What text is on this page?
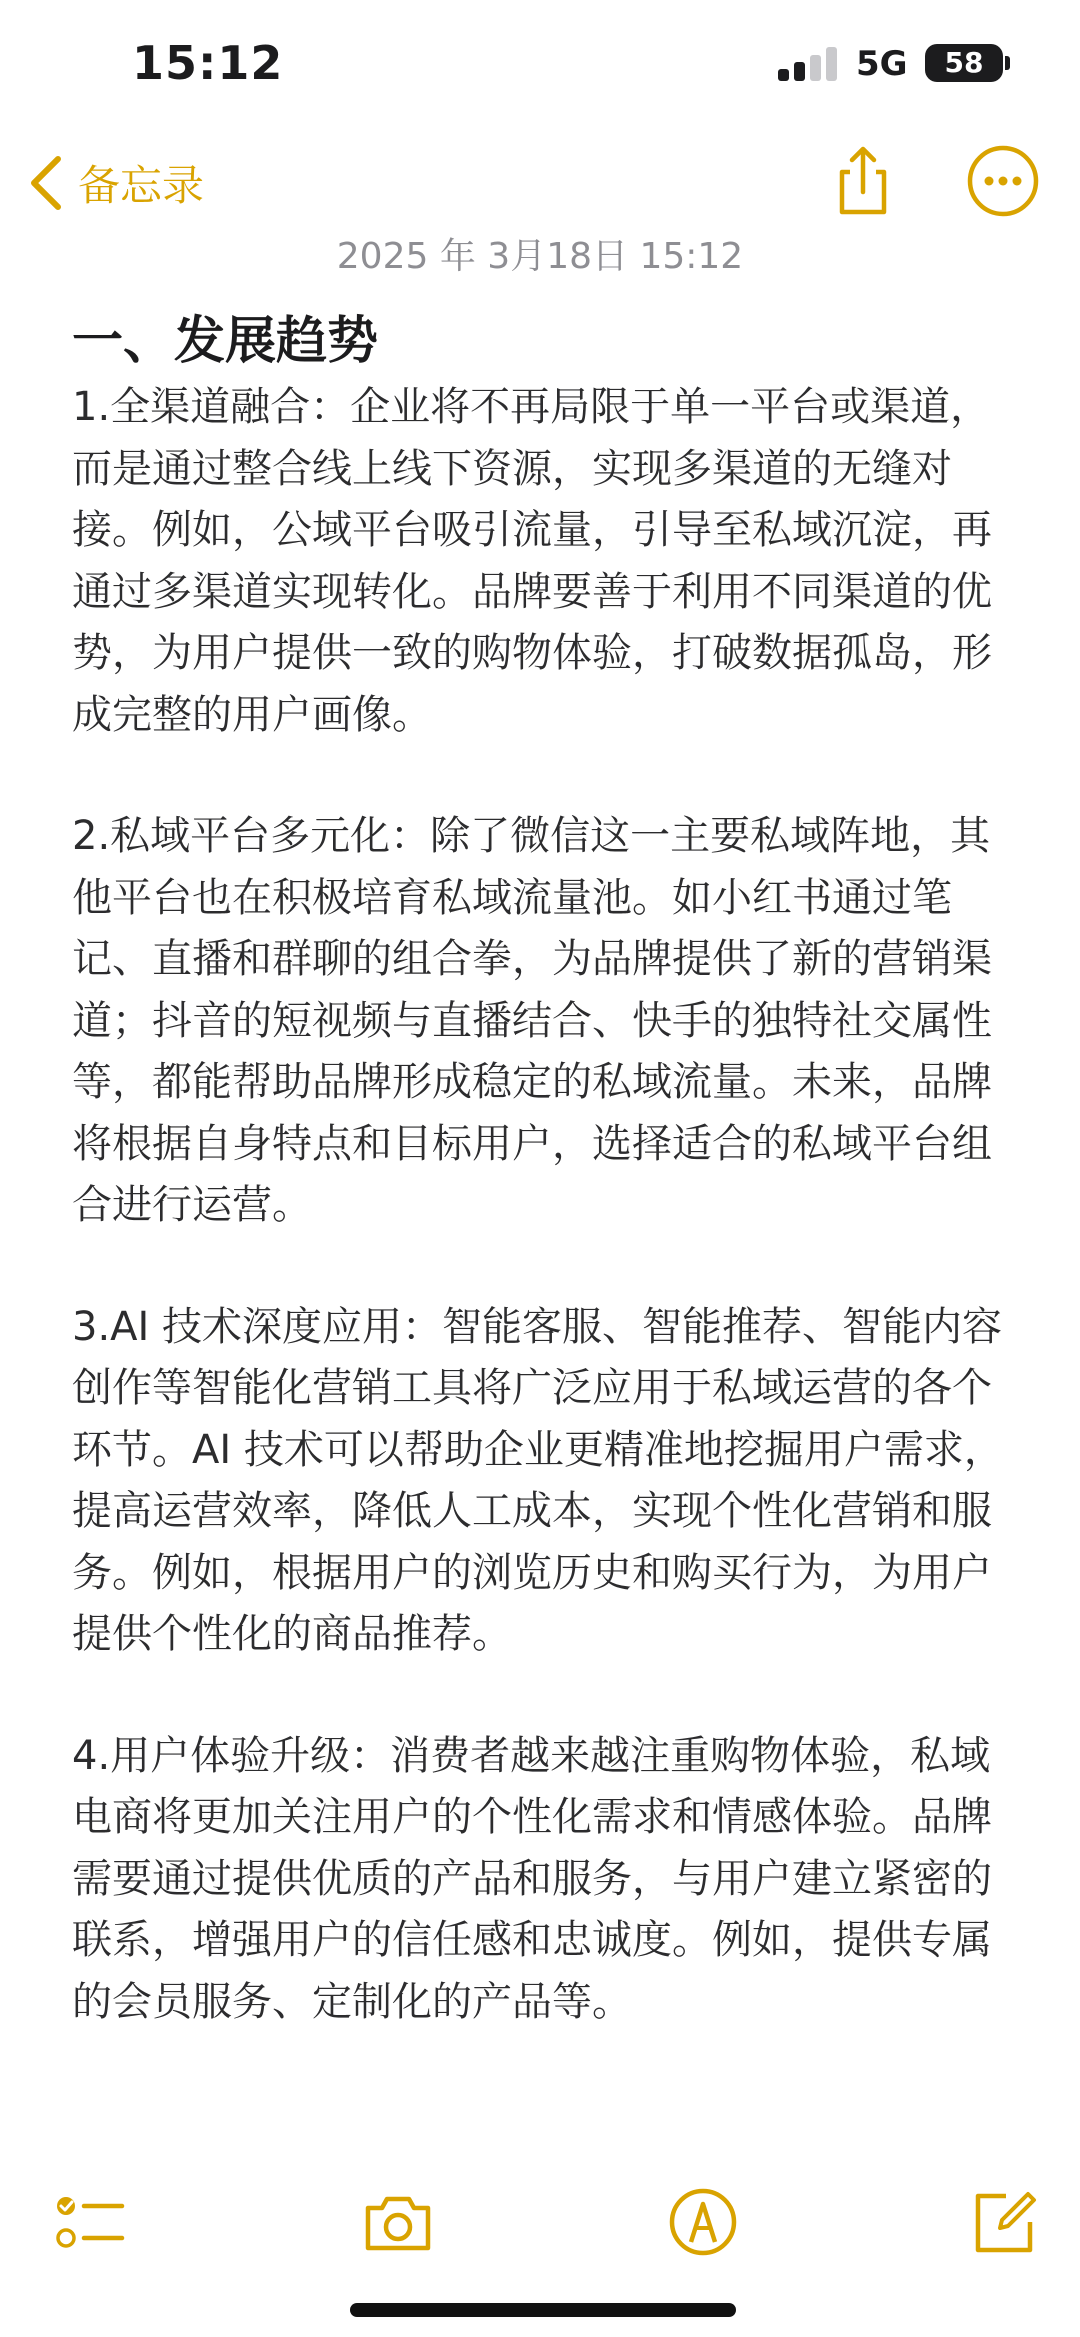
15:12	5G	58
备忘录
2025 年 3月18日 15:12
一、发展趋势
1.全渠道融合：企业将不再局限于单一平台或渠道，而是通过整合线上线下资源，实现多渠道的无缝对接。例如，公域平台吸引流量，引导至私域沉淀，再通过多渠道实现转化。品牌要善于利用不同渠道的优势，为用户提供一致的购物体验，打破数据孤岛，形成完整的用户画像。
2.私域平台多元化：除了微信这一主要私域阵地，其他平台也在积极培育私域流量池。如小红书通过笔记、直播和群聊的组合拳，为品牌提供了新的营销渠道；抖音的短视频与直播结合、快手的独特社交属性等，都能帮助品牌形成稳定的私域流量。未来，品牌将根据自身特点和目标用户，选择适合的私域平台组合进行运营。
3.AI 技术深度应用：智能客服、智能推荐、智能内容创作等智能化营销工具将广泛应用于私域运营的各个环节。AI 技术可以帮助企业更精准地挖掘用户需求，提高运营效率，降低人工成本，实现个性化营销和服务。例如，根据用户的浏览历史和购买行为，为用户提供个性化的商品推荐。
4.用户体验升级：消费者越来越注重购物体验，私域电商将更加关注用户的个性化需求和情感体验。品牌需要通过提供优质的产品和服务，与用户建立紧密的联系，增强用户的信任感和忠诚度。例如，提供专属的会员服务、定制化的产品等。
